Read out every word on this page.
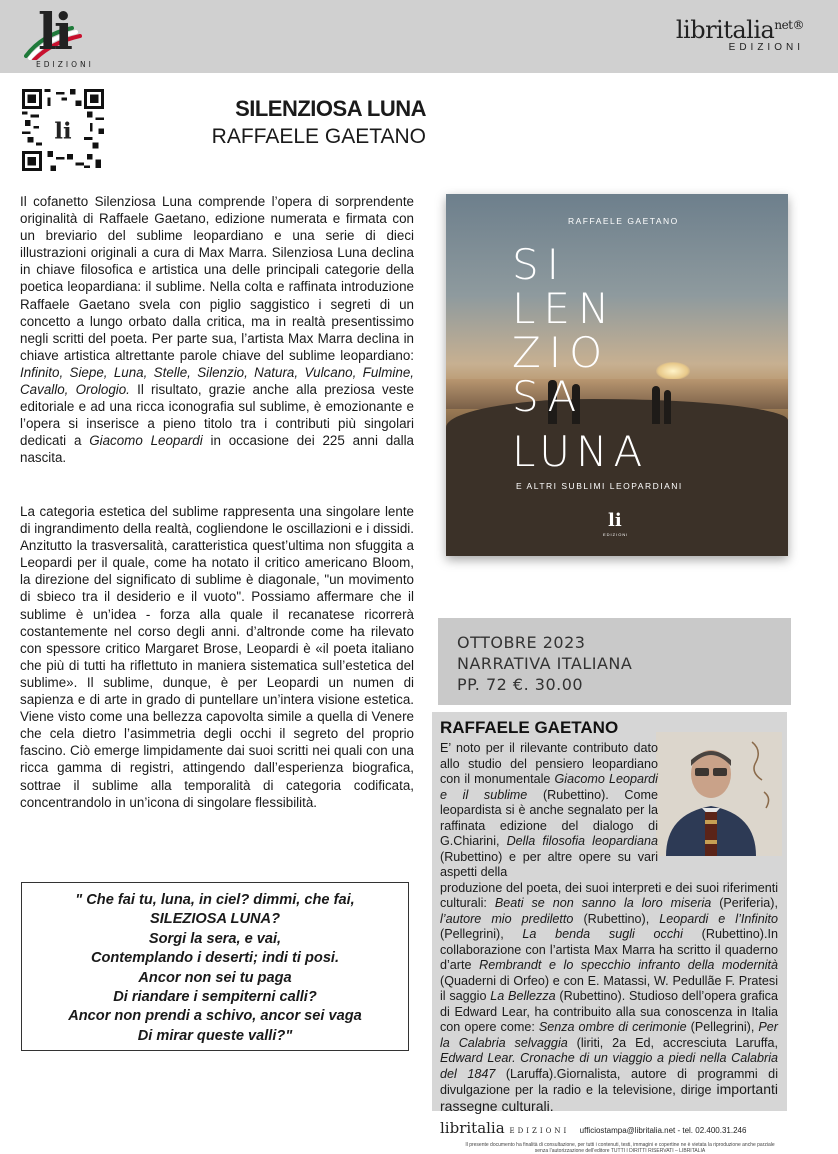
li
EDIZIONI
libritalia$^{net®}$
EDIZIONI
li
SILENZIOSA LUNA
RAFFAELE GAETANO
Il cofanetto Silenziosa Luna comprende l’opera di sorprendente originalità di Raffaele Gaetano, edizione numerata e firmata con un breviario del sublime leopardiano e una serie di dieci illustrazioni originali a cura di Max Marra. Silenziosa Luna declina in chiave filosofica e artistica una delle principali categorie della poetica leopardiana: il sublime. Nella colta e raffinata introduzione Raffaele Gaetano svela con piglio saggistico i segreti di un concetto a lungo orbato dalla critica, ma in realtà presentissimo negli scritti del poeta. Per parte sua, l’artista Max Marra declina in chiave artistica altrettante parole chiave del sublime leopardiano: Infinito, Siepe, Luna, Stelle, Silenzio, Natura, Vulcano, Fulmine, Cavallo, Orologio. Il risultato, grazie anche alla preziosa veste editoriale e ad una ricca iconografia sul sublime, è emozionante e l’opera si inserisce a pieno titolo tra i contributi più singolari dedicati a Giacomo Leopardi in occasione dei 225 anni dalla nascita.
La categoria estetica del sublime rappresenta una singolare lente di ingrandimento della realtà, cogliendone le oscillazioni e i dissidi. Anzitutto la trasversalità, caratteristica quest’ultima non sfuggita a Leopardi per il quale, come ha notato il critico americano Bloom, la direzione del significato di sublime è diagonale, "un movimento di sbieco tra il desiderio e il vuoto". Possiamo affermare che il sublime è un’idea - forza alla quale il recanatese ricorrerà costantemente nel corso degli anni. d’altronde come ha rilevato con spessore critico Margaret Brose, Leopardi è «il poeta italiano che più di tutti ha riflettuto in maniera sistematica sull’estetica del sublime». Il sublime, dunque, è per Leopardi un numen di sapienza e di arte in grado di puntellare un’intera visione estetica. Viene visto come una bellezza capovolta simile a quella di Venere che cela dietro l’asimmetria degli occhi il segreto del proprio fascino. Ciò emerge limpidamente dai suoi scritti nei quali con una ricca gamma di registri, attingendo dall’esperienza biografica, sottrae il sublime alla temporalità di categoria codificata, concentrandolo in un’icona di singolare flessibilità.
RAFFAELE GAETANO
SI
LEN
ZIO
SA
LUNA
E ALTRI SUBLIMI LEOPARDIANI
li
EDIZIONI
OTTOBRE 2023
NARRATIVA ITALIANA
PP. 72 €. 30.00
RAFFAELE GAETANO
E’ noto per il rilevante contributo dato allo studio del pensiero leopardiano con il monumentale Giacomo Leopardi e il sublime (Rubettino). Come leopardista si è anche segnalato per la raffinata edizione del dialogo di G.Chiarini, Della filosofia leopardiana (Rubettino) e per altre opere su vari aspetti della
produzione del poeta, dei suoi interpreti e dei suoi riferimenti culturali: Beati se non sanno la loro miseria (Periferia), l’autore mio prediletto (Rubettino), Leopardi e l’Infinito (Pellegrini), La benda sugli occhi (Rubettino).In collaborazione con l’artista Max Marra ha scritto il quaderno d’arte Rembrandt e lo specchio infranto della modernità (Quaderni di Orfeo) e con E. Matassi, W. Pedullãe F. Pratesi il saggio La Bellezza (Rubettino). Studioso dell’opera grafica di Edward Lear, ha contribuito alla sua conoscenza in Italia con opere come: Senza ombre di cerimonie (Pellegrini), Per la Calabria selvaggia (liriti, 2a Ed, accresciuta Laruffa, Edward Lear. Cronache di un viaggio a piedi nella Calabria del 1847 (Laruffa).Giornalista, autore di programmi di divulgazione per la radio e la televisione, dirige importanti rassegne culturali.
" Che fai tu, luna, in ciel? dimmi, che fai,
SILEZIOSA LUNA?
Sorgi la sera, e vai,
Contemplando i deserti; indi ti posi.
Ancor non sei tu paga
Di riandare i sempiterni calli?
Ancor non prendi a schivo, ancor sei vaga
Di mirar queste valli?"
libritalia EDIZIONI ufficiostampa@libritalia.net - tel. 02.400.31.246
Il presente documento ha finalità di consultazione, per tutti i contenuti, testi, immagini e copertine ne è vietata la riproduzione anche parziale
senza l’autorizzazione dell’editore TUTTI I DIRITTI RISERVATI – LIBRITALIA
